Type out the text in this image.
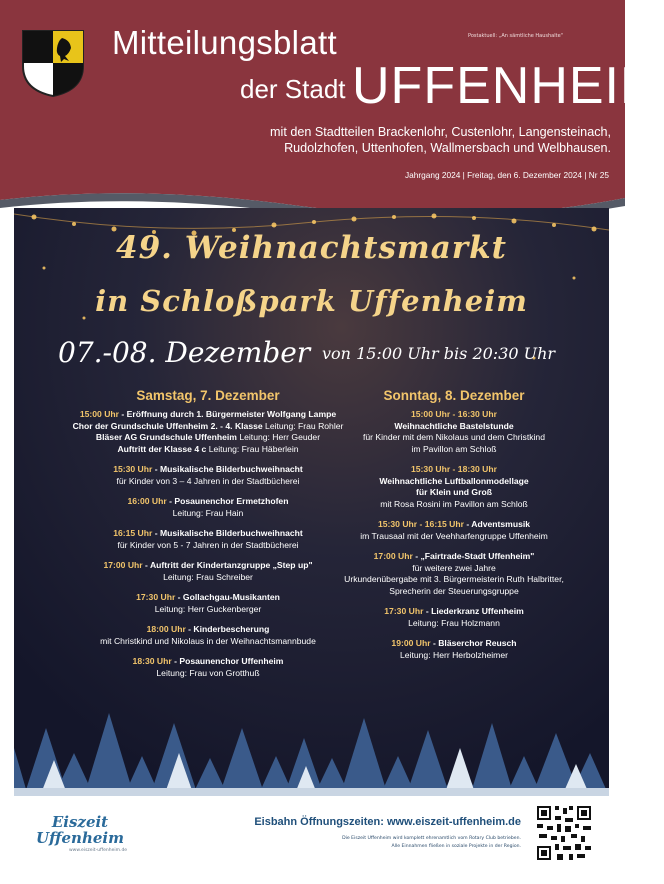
Mitteilungsblatt
der Stadt UFFENHEIM
Postaktuell: „An sämtliche Haushalte"
mit den Stadtteilen Brackenlohr, Custenlohr, Langensteinach,
Rudolzhofen, Uttenhofen, Wallmersbach und Welbhausen.
Jahrgang 2024 | Freitag, den 6. Dezember 2024 | Nr 25
49. Weihnachtsmarkt
in Schloßpark Uffenheim
07.-08. Dezember von 15:00 Uhr bis 20:30 Uhr
Samstag, 7. Dezember
15:00 Uhr - Eröffnung durch 1. Bürgermeister Wolfgang Lampe
Chor der Grundschule Uffenheim 2. - 4. Klasse Leitung: Frau Rohler
Bläser AG Grundschule Uffenheim Leitung: Herr Geuder
Auftritt der Klasse 4 c Leitung: Frau Häberlein
15:30 Uhr - Musikalische Bilderbuchweihnacht
für Kinder von 3 – 4 Jahren in der Stadtbücherei
16:00 Uhr - Posaunenchor Ermetzhofen
Leitung: Frau Hain
16:15 Uhr - Musikalische Bilderbuchweihnacht
für Kinder von 5 - 7 Jahren in der Stadtbücherei
17:00 Uhr - Auftritt der Kindertanzgruppe „Step up"
Leitung: Frau Schreiber
17:30 Uhr - Gollachgau-Musikanten
Leitung: Herr Guckenberger
18:00 Uhr - Kinderbescherung
mit Christkind und Nikolaus in der Weihnachtsmannbude
18:30 Uhr - Posaunenchor Uffenheim
Leitung: Frau von Grotthuß
Sonntag, 8. Dezember
15:00 Uhr - 16:30 Uhr
Weihnachtliche Bastelstunde
für Kinder mit dem Nikolaus und dem Christkind
im Pavillon am Schloß
15:30 Uhr - 18:30 Uhr
Weihnachtliche Luftballonmodellage
für Klein und Groß
mit Rosa Rosini im Pavillon am Schloß
15:30 Uhr - 16:15 Uhr - Adventsmusik
im Trausaal mit der Veehharfengruppe Uffenheim
17:00 Uhr - „Fairtrade-Stadt Uffenheim"
für weitere zwei Jahre
Urkundenübergabe mit 3. Bürgermeisterin Ruth Halbritter,
Sprecherin der Steuerungsgruppe
17:30 Uhr - Liederkranz Uffenheim
Leitung: Frau Holzmann
19:00 Uhr - Bläserchor Reusch
Leitung: Herr Herbolzheimer
Eiszeit
Uffenheim
www.eiszeit-uffenheim.de
Eisbahn Öffnungszeiten: www.eiszeit-uffenheim.de
Die Eiszeit Uffenheim wird komplett ehrenamtlich vom Rotary Club betrieben.
Alle Einnahmen fließen in soziale Projekte in der Region.
